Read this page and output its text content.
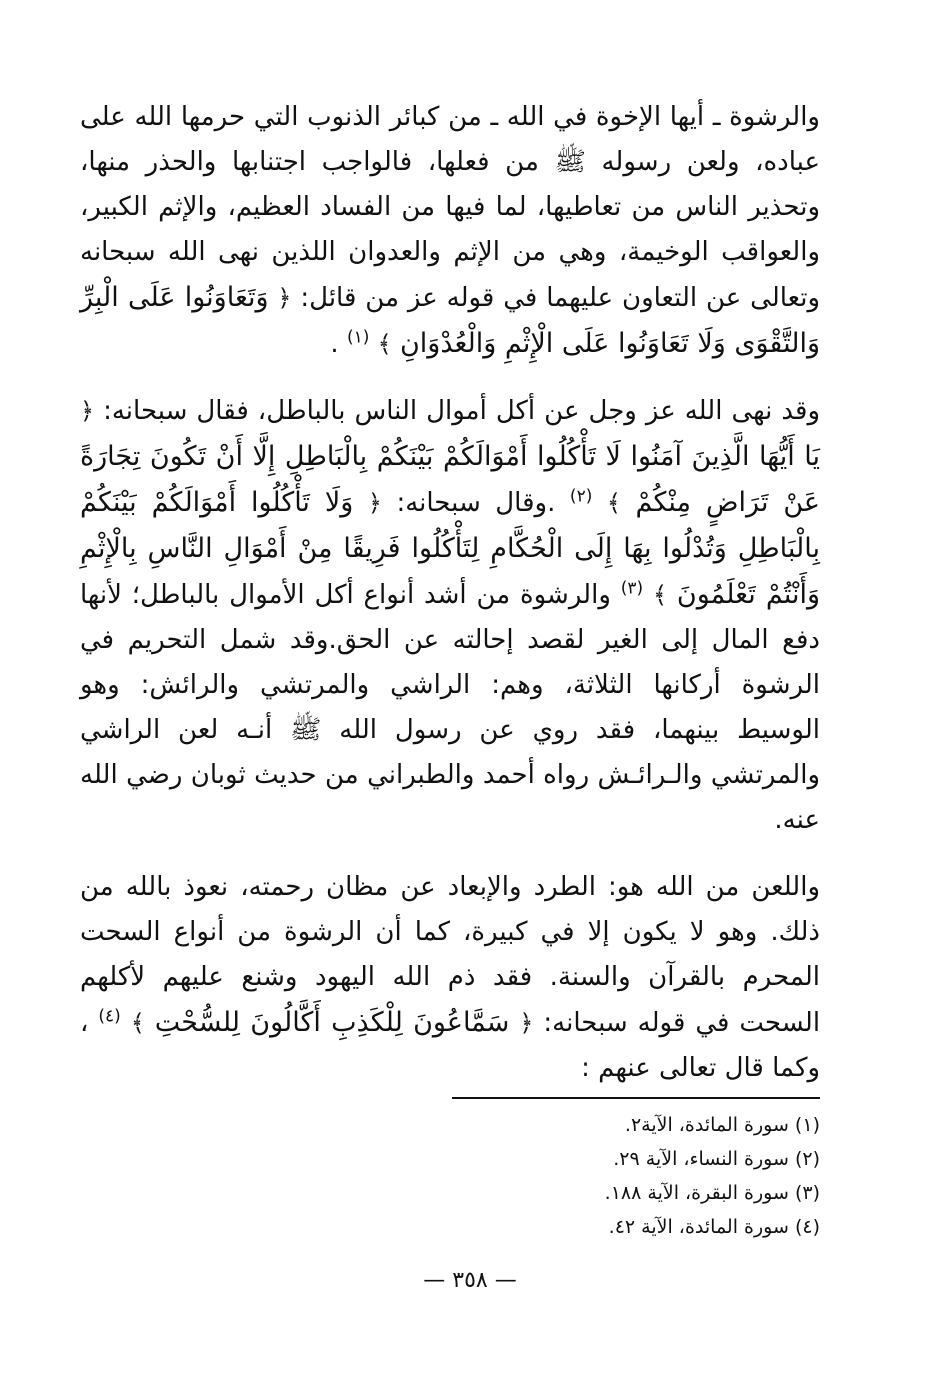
والرشوة ـ أيها الإخوة في الله ـ من كبائر الذنوب التي حرمها الله على عباده، ولعن رسوله ﷺ من فعلها، فالواجب اجتنابها والحذر منها، وتحذير الناس من تعاطيها، لما فيها من الفساد العظيم، والإثم الكبير، والعواقب الوخيمة، وهي من الإثم والعدوان اللذين نهى الله سبحانه وتعالى عن التعاون عليهما في قوله عز من قائل: ﴿ وَتَعَاوَنُوا عَلَى الْبِرِّ وَالتَّقْوَى وَلَا تَعَاوَنُوا عَلَى الْإِثْمِ وَالْعُدْوَانِ ﴾ $^{(١)}$ .

وقد نهى الله عز وجل عن أكل أموال الناس بالباطل، فقال سبحانه: ﴿ يَا أَيُّهَا الَّذِينَ آمَنُوا لَا تَأْكُلُوا أَمْوَالَكُمْ بَيْنَكُمْ بِالْبَاطِلِ إِلَّا أَنْ تَكُونَ تِجَارَةً عَنْ تَرَاضٍ مِنْكُمْ ﴾ $^{(٢)}$ .وقال سبحانه: ﴿ وَلَا تَأْكُلُوا أَمْوَالَكُمْ بَيْنَكُمْ بِالْبَاطِلِ وَتُدْلُوا بِهَا إِلَى الْحُكَّامِ لِتَأْكُلُوا فَرِيقًا مِنْ أَمْوَالِ النَّاسِ بِالْإِثْمِ وَأَنْتُمْ تَعْلَمُونَ ﴾ $^{(٣)}$ والرشوة من أشد أنواع أكل الأموال بالباطل؛ لأنها دفع المال إلى الغير لقصد إحالته عن الحق.وقد شمل التحريم في الرشوة أركانها الثلاثة، وهم: الراشي والمرتشي والرائش: وهو الوسيط بينهما، فقد روي عن رسول الله ﷺ أنـه لعن الراشي والمرتشي والـرائـش رواه أحمد والطبراني من حديث ثوبان رضي الله عنه.

واللعن من الله هو: الطرد والإبعاد عن مظان رحمته، نعوذ بالله من ذلك. وهو لا يكون إلا في كبيرة، كما أن الرشوة من أنواع السحت المحرم بالقرآن والسنة. فقد ذم الله اليهود وشنع عليهم لأكلهم السحت في قوله سبحانه: ﴿ سَمَّاعُونَ لِلْكَذِبِ أَكَّالُونَ لِلسُّحْتِ ﴾ $^{(٤)}$ ، وكما قال تعالى عنهم :

(١) سورة المائدة، الآية٢.
(٢) سورة النساء، الآية ٢٩.
(٣) سورة البقرة، الآية ١٨٨.
(٤) سورة المائدة، الآية ٤٢.
— ٣٥٨ —
